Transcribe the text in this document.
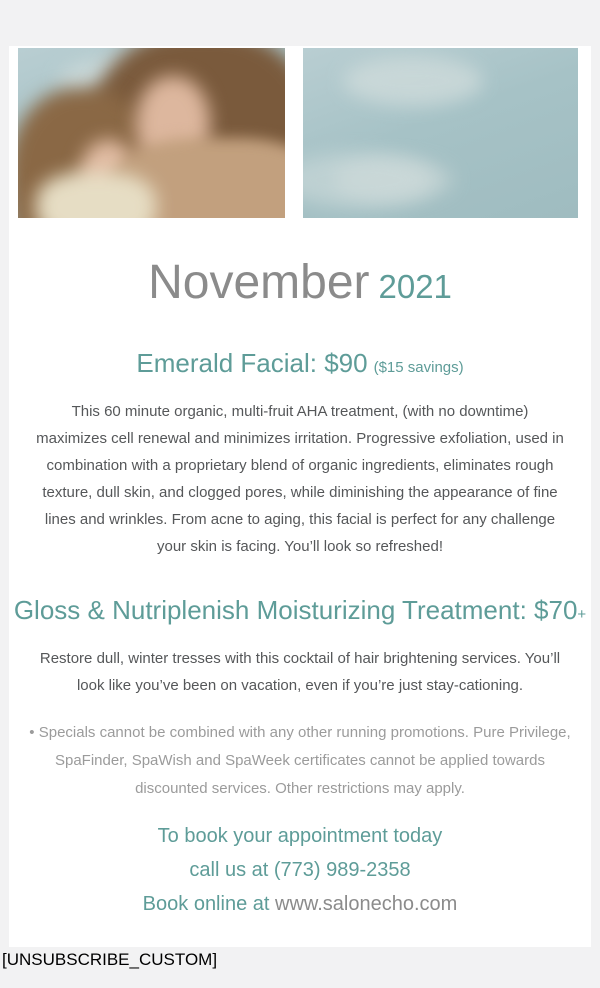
November 2021
Emerald Facial: $90 ($15 savings)

This 60 minute organic, multi-fruit AHA treatment, (with no downtime) maximizes cell renewal and minimizes irritation. Progressive exfoliation, used in combination with a proprietary blend of organic ingredients, eliminates rough texture, dull skin, and clogged pores, while diminishing the appearance of fine lines and wrinkles. From acne to aging, this facial is perfect for any challenge your skin is facing. You’ll look so refreshed!

Gloss & Nutriplenish Moisturizing Treatment: $70+

Restore dull, winter tresses with this cocktail of hair brightening services. You’ll look like you’ve been on vacation, even if you’re just stay-cationing.

• Specials cannot be combined with any other running promotions. Pure Privilege, SpaFinder, SpaWish and SpaWeek certificates cannot be applied towards discounted services. Other restrictions may apply.

To book your appointment today
call us at (773) 989-2358
Book online at www.salonecho.com
[UNSUBSCRIBE_CUSTOM]
